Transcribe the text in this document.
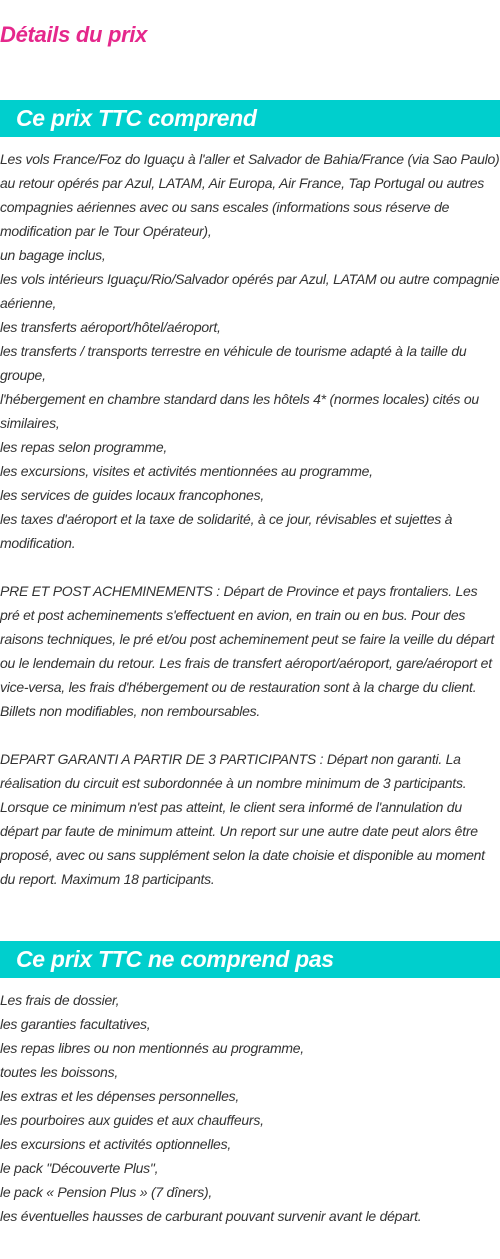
Détails du prix
Ce prix TTC comprend
Les vols France/Foz do Iguaçu à l'aller et Salvador de Bahia/France (via Sao Paulo) au retour opérés par Azul, LATAM, Air Europa, Air France, Tap Portugal ou autres compagnies aériennes avec ou sans escales (informations sous réserve de modification par le Tour Opérateur),
un bagage inclus,
les vols intérieurs Iguaçu/Rio/Salvador opérés par Azul, LATAM ou autre compagnie aérienne,
les transferts aéroport/hôtel/aéroport,
les transferts / transports terrestre en véhicule de tourisme adapté à la taille du groupe,
l'hébergement en chambre standard dans les hôtels 4* (normes locales) cités ou similaires,
les repas selon programme,
les excursions, visites et activités mentionnées au programme,
les services de guides locaux francophones,
les taxes d'aéroport et la taxe de solidarité, à ce jour, révisables et sujettes à modification.

PRE ET POST ACHEMINEMENTS : Départ de Province et pays frontaliers. Les pré et post acheminements s'effectuent en avion, en train ou en bus. Pour des raisons techniques, le pré et/ou post acheminement peut se faire la veille du départ ou le lendemain du retour. Les frais de transfert aéroport/aéroport, gare/aéroport et vice-versa, les frais d'hébergement ou de restauration sont à la charge du client. Billets non modifiables, non remboursables.

DEPART GARANTI A PARTIR DE 3 PARTICIPANTS : Départ non garanti. La réalisation du circuit est subordonnée à un nombre minimum de 3 participants. Lorsque ce minimum n'est pas atteint, le client sera informé de l'annulation du départ par faute de minimum atteint. Un report sur une autre date peut alors être proposé, avec ou sans supplément selon la date choisie et disponible au moment du report. Maximum 18 participants.

Ce prix TTC ne comprend pas
Les frais de dossier,
les garanties facultatives,
les repas libres ou non mentionnés au programme,
toutes les boissons,
les extras et les dépenses personnelles,
les pourboires aux guides et aux chauffeurs,
les excursions et activités optionnelles,
le pack "Découverte Plus",
le pack « Pension Plus » (7 dîners),
les éventuelles hausses de carburant pouvant survenir avant le départ.
